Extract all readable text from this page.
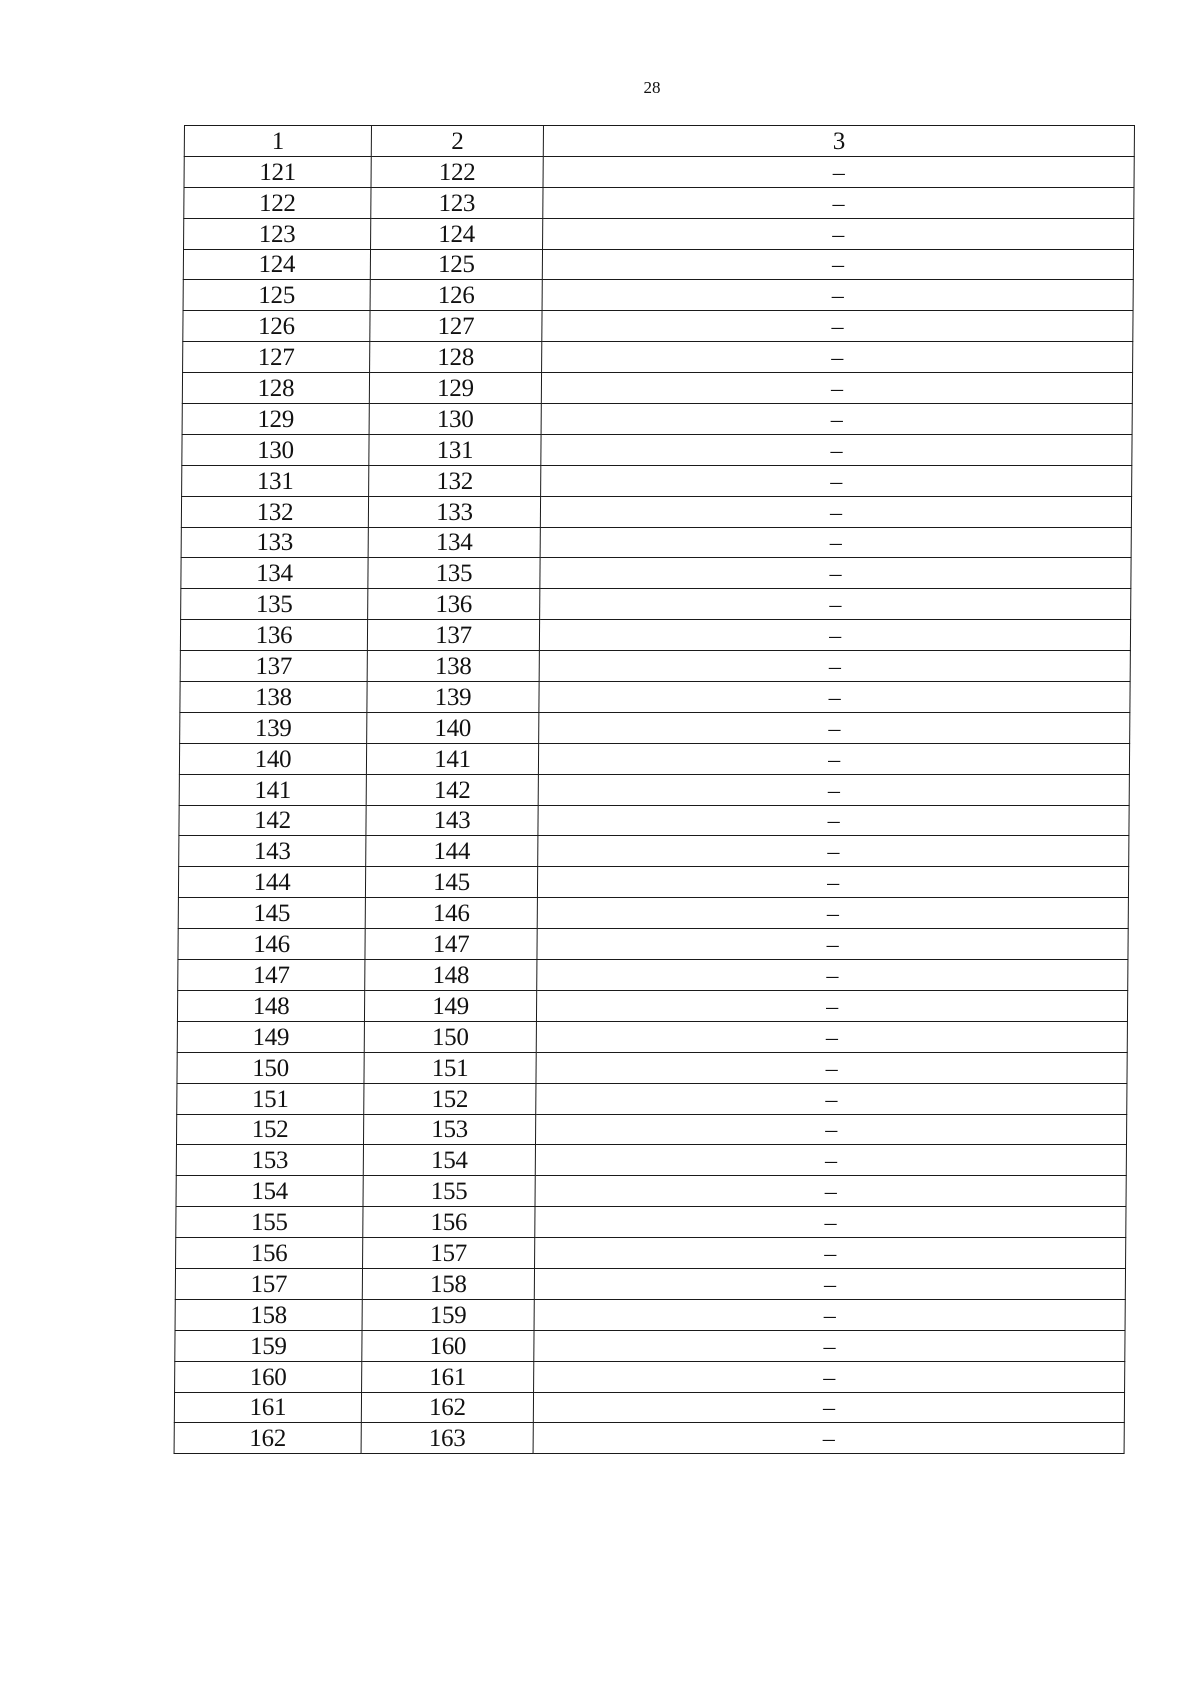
28
1	2	3
121	122	–
122	123	–
123	124	–
124	125	–
125	126	–
126	127	–
127	128	–
128	129	–
129	130	–
130	131	–
131	132	–
132	133	–
133	134	–
134	135	–
135	136	–
136	137	–
137	138	–
138	139	–
139	140	–
140	141	–
141	142	–
142	143	–
143	144	–
144	145	–
145	146	–
146	147	–
147	148	–
148	149	–
149	150	–
150	151	–
151	152	–
152	153	–
153	154	–
154	155	–
155	156	–
156	157	–
157	158	–
158	159	–
159	160	–
160	161	–
161	162	–
162	163	–
